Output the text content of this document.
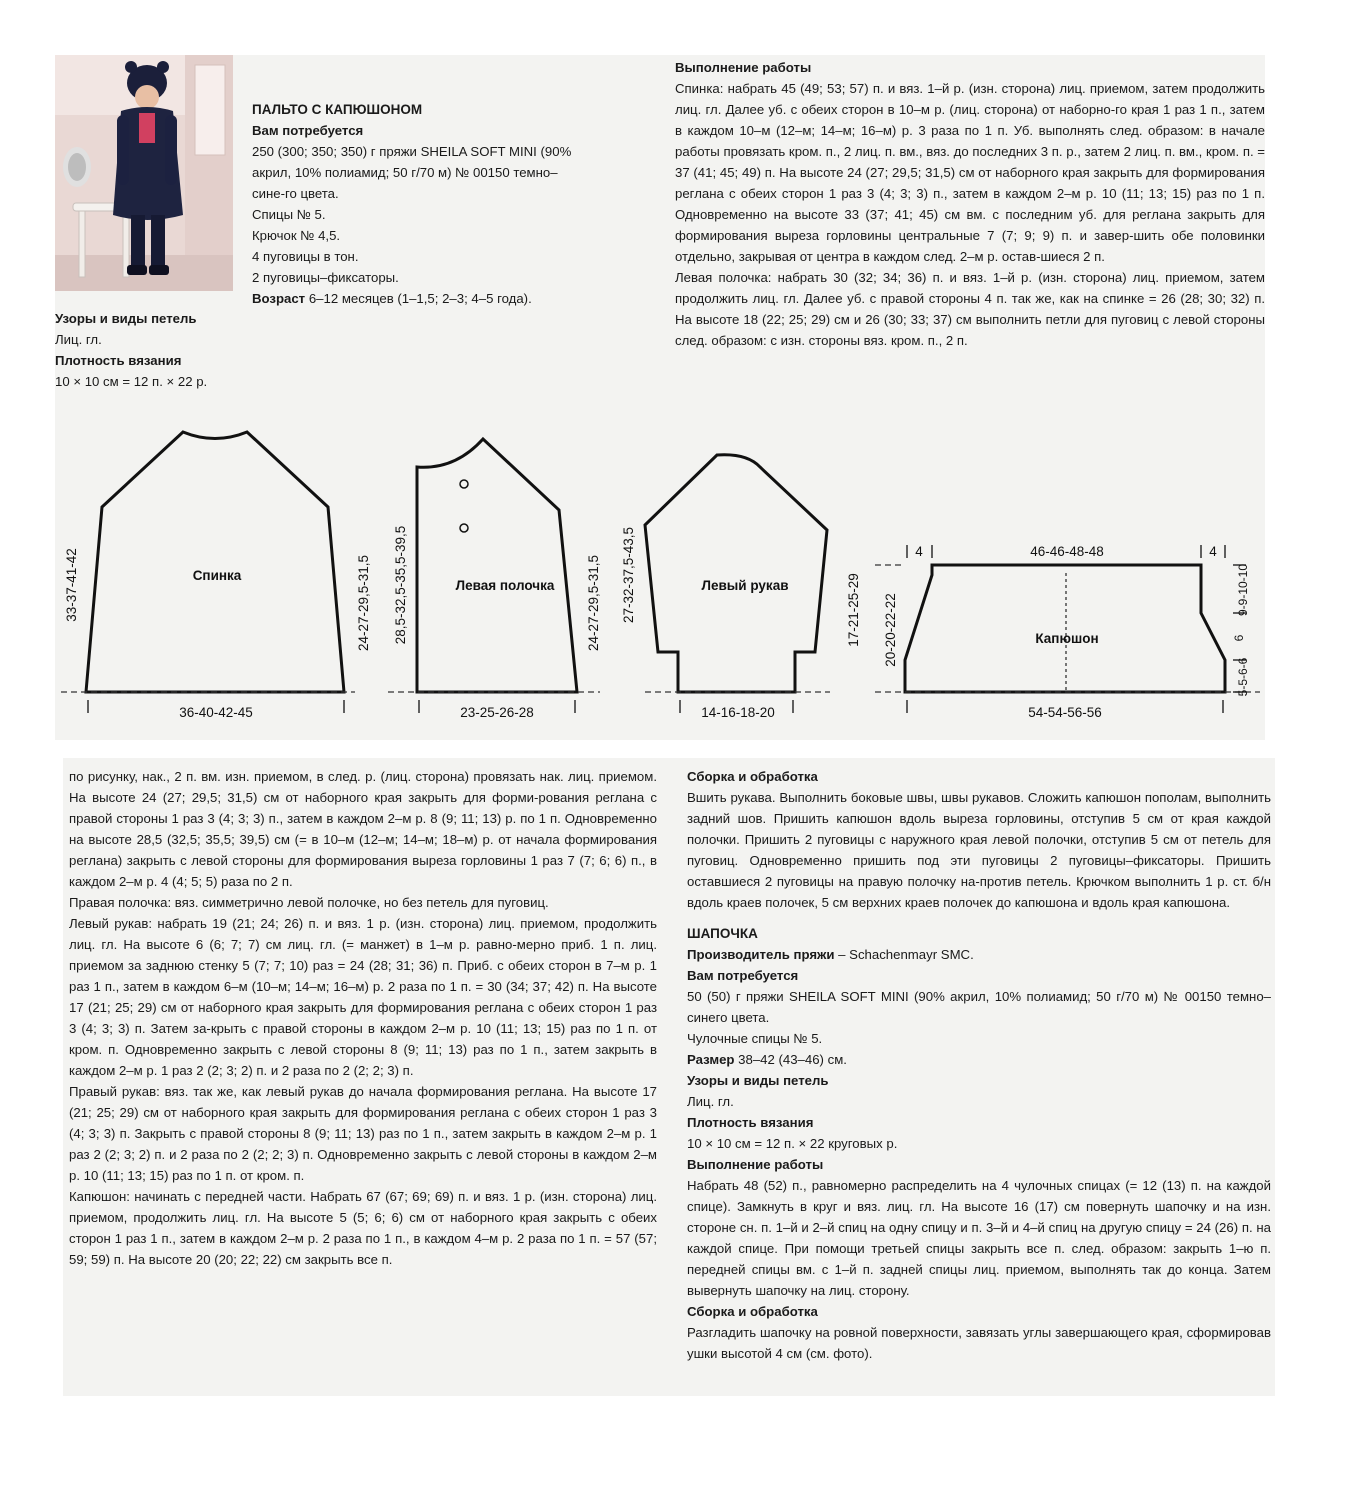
ПАЛЬТО С КАПЮШОНОМ

Вам потребуется

250 (300; 350; 350) г пряжи SHEILA SOFT MINI (90% акрил, 10% полиамид; 50 г/70 м) № 00150 темно–сине-го цвета.

Спицы № 5.

Крючок № 4,5.

4 пуговицы в тон.

2 пуговицы–фиксаторы.

Возраст 6–12 месяцев (1–1,5; 2–3; 4–5 года).

Узоры и виды петель

Лиц. гл.

Плотность вязания

10 × 10 см = 12 п. × 22 р.

Выполнение работы

Спинка: набрать 45 (49; 53; 57) п. и вяз. 1–й р. (изн. сторона) лиц. приемом, затем продолжить лиц. гл. Далее уб. с обеих сторон в 10–м р. (лиц. сторона) от наборно-го края 1 раз 1 п., затем в каждом 10–м (12–м; 14–м; 16–м) р. 3 раза по 1 п. Уб. выполнять след. образом: в начале работы провязать кром. п., 2 лиц. п. вм., вяз. до последних 3 п. р., затем 2 лиц. п. вм., кром. п. = 37 (41; 45; 49) п. На высоте 24 (27; 29,5; 31,5) см от наборного края закрыть для формирования реглана с обеих сторон 1 раз 3 (4; 3; 3) п., затем в каждом 2–м р. 10 (11; 13; 15) раз по 1 п. Одновременно на высоте 33 (37; 41; 45) см вм. с последним уб. для реглана закрыть для формирования выреза горловины центральные 7 (7; 9; 9) п. и завер-шить обе половинки отдельно, закрывая от центра в каждом след. 2–м р. остав-шиеся 2 п.

Левая полочка: набрать 30 (32; 34; 36) п. и вяз. 1–й р. (изн. сторона) лиц. приемом, затем продолжить лиц. гл. Далее уб. с правой стороны 4 п. так же, как на спинке = 26 (28; 30; 32) п. На высоте 18 (22; 25; 29) см и 26 (30; 33; 37) см выполнить петли для пуговиц с левой стороны след. образом: с изн. стороны вяз. кром. п., 2 п.

Спинка
Левая полочка	Левый рукав
Капюшон
36-40-42-45	23-25-26-28	14-16-18-20	54-54-56-56
46-46-48-48
4	4
33-37-41-42	24-27-29,5-31,5 28,5-32,5-35,5-39,5	24-27-29,5-31,5 27-32-37,5-43,5	17-21-25-29 20-20-22-22
9-9-10-10
6
5-5-6-6

по рисунку, нак., 2 п. вм. изн. приемом, в след. р. (лиц. сторона) провязать нак. лиц. приемом. На высоте 24 (27; 29,5; 31,5) см от наборного края закрыть для форми-рования реглана с правой стороны 1 раз 3 (4; 3; 3) п., затем в каждом 2–м р. 8 (9; 11; 13) р. по 1 п. Одновременно на высоте 28,5 (32,5; 35,5; 39,5) см (= в 10–м (12–м; 14–м; 18–м) р. от начала формирования реглана) закрыть с левой стороны для формирования выреза горловины 1 раз 7 (7; 6; 6) п., в каждом 2–м р. 4 (4; 5; 5) раза по 2 п.

Правая полочка: вяз. симметрично левой полочке, но без петель для пуговиц.

Левый рукав: набрать 19 (21; 24; 26) п. и вяз. 1 р. (изн. сторона) лиц. приемом, продолжить лиц. гл. На высоте 6 (6; 7; 7) см лиц. гл. (= манжет) в 1–м р. равно-мерно приб. 1 п. лиц. приемом за заднюю стенку 5 (7; 7; 10) раз = 24 (28; 31; 36) п. Приб. с обеих сторон в 7–м р. 1 раз 1 п., затем в каждом 6–м (10–м; 14–м; 16–м) р. 2 раза по 1 п. = 30 (34; 37; 42) п. На высоте 17 (21; 25; 29) см от наборного края закрыть для формирования реглана с обеих сторон 1 раз 3 (4; 3; 3) п. Затем за-крыть с правой стороны в каждом 2–м р. 10 (11; 13; 15) раз по 1 п. от кром. п. Одновременно закрыть с левой стороны 8 (9; 11; 13) раз по 1 п., затем закрыть в каждом 2–м р. 1 раз 2 (2; 3; 2) п. и 2 раза по 2 (2; 2; 3) п.

Правый рукав: вяз. так же, как левый рукав до начала формирования реглана. На высоте 17 (21; 25; 29) см от наборного края закрыть для формирования реглана с обеих сторон 1 раз 3 (4; 3; 3) п. Закрыть с правой стороны 8 (9; 11; 13) раз по 1 п., затем закрыть в каждом 2–м р. 1 раз 2 (2; 3; 2) п. и 2 раза по 2 (2; 2; 3) п. Одновременно закрыть с левой стороны в каждом 2–м р. 10 (11; 13; 15) раз по 1 п. от кром. п.

Капюшон: начинать с передней части. Набрать 67 (67; 69; 69) п. и вяз. 1 р. (изн. сторона) лиц. приемом, продолжить лиц. гл. На высоте 5 (5; 6; 6) см от наборного края закрыть с обеих сторон 1 раз 1 п., затем в каждом 2–м р. 2 раза по 1 п., в каждом 4–м р. 2 раза по 1 п. = 57 (57; 59; 59) п. На высоте 20 (20; 22; 22) см закрыть все п.

Сборка и обработка

Вшить рукава. Выполнить боковые швы, швы рукавов. Сложить капюшон пополам, выполнить задний шов. Пришить капюшон вдоль выреза горловины, отступив 5 см от края каждой полочки. Пришить 2 пуговицы с наружного края левой полочки, отступив 5 см от петель для пуговиц. Одновременно пришить под эти пуговицы 2 пуговицы–фиксаторы. Пришить оставшиеся 2 пуговицы на правую полочку на-против петель. Крючком выполнить 1 р. ст. б/н вдоль краев полочек, 5 см верхних краев полочек до капюшона и вдоль края капюшона.

ШАПОЧКА

Производитель пряжи – Schachenmayr SMC.

Вам потребуется

50 (50) г пряжи SHEILA SOFT MINI (90% акрил, 10% полиамид; 50 г/70 м) № 00150 темно–синего цвета.

Чулочные спицы № 5.

Размер 38–42 (43–46) см.

Узоры и виды петель

Лиц. гл.

Плотность вязания

10 × 10 см = 12 п. × 22 круговых р.

Выполнение работы

Набрать 48 (52) п., равномерно распределить на 4 чулочных спицах (= 12 (13) п. на каждой спице). Замкнуть в круг и вяз. лиц. гл. На высоте 16 (17) см повернуть шапочку и на изн. стороне сн. п. 1–й и 2–й спиц на одну спицу и п. 3–й и 4–й спиц на другую спицу = 24 (26) п. на каждой спице. При помощи третьей спицы закрыть все п. след. образом: закрыть 1–ю п. передней спицы вм. с 1–й п. задней спицы лиц. приемом, выполнять так до конца. Затем вывернуть шапочку на лиц. сторону.

Сборка и обработка

Разгладить шапочку на ровной поверхности, завязать углы завершающего края, сформировав ушки высотой 4 см (см. фото).
